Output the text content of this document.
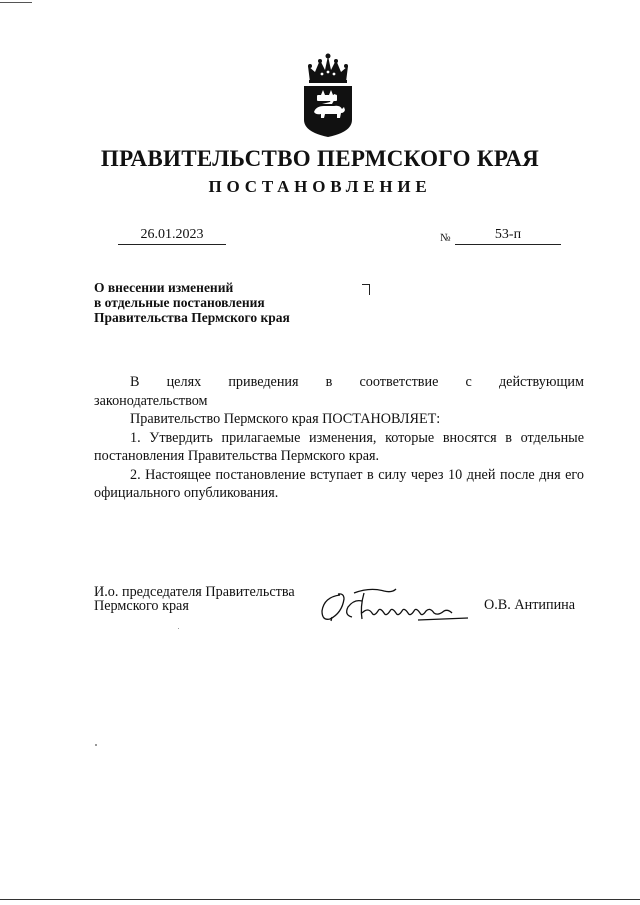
ПРАВИТЕЛЬСТВО ПЕРМСКОГО КРАЯ
ПОСТАНОВЛЕНИЕ
26.01.2023	№	53-п
О внесении изменений
в отдельные постановления
Правительства Пермского края
В целях приведения в соответствие с действующим

законодательством

Правительство Пермского края ПОСТАНОВЛЯЕТ:

1. Утвердить прилагаемые изменения, которые вносятся в отдельные постановления Правительства Пермского края.

2. Настоящее постановление вступает в силу через 10 дней после дня его официального опубликования.

И.о. председателя Правительства
Пермского края	О.В. Антипина
